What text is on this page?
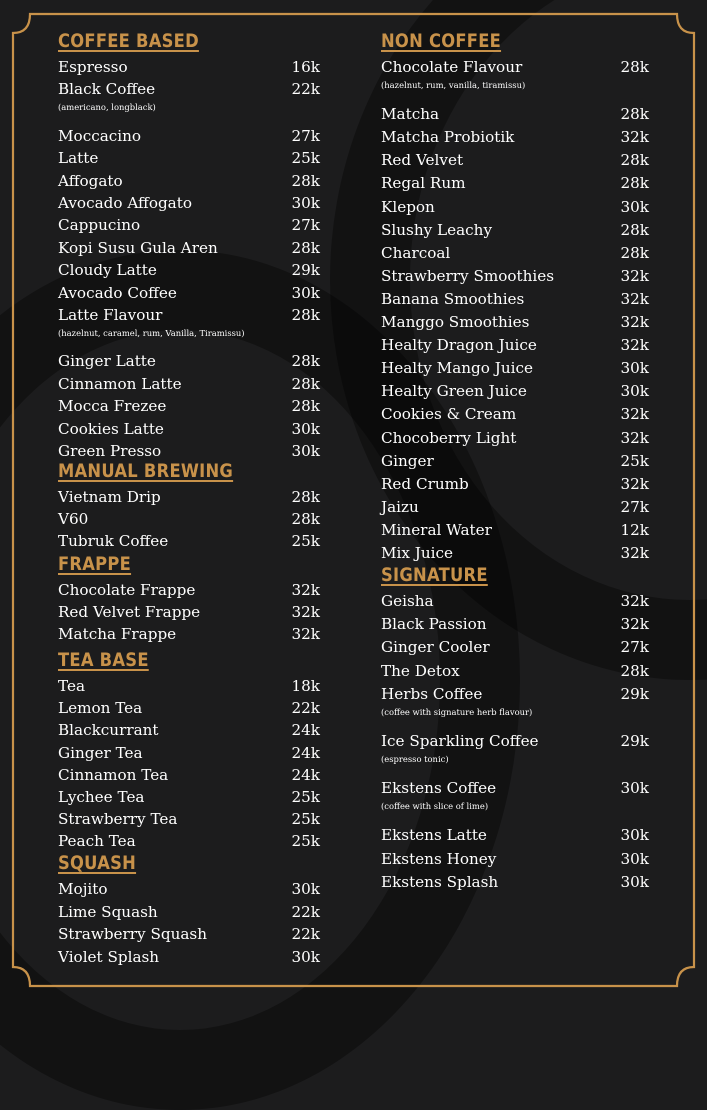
COFFEE BASED
Espresso	16k
Black Coffee	22k
(americano, longblack)
Moccacino	27k
Latte	25k
Affogato	28k
Avocado Affogato	30k
Cappucino	27k
Kopi Susu Gula Aren	28k
Cloudy Latte	29k
Avocado Coffee	30k
Latte Flavour	28k
(hazelnut, caramel, rum, Vanilla, Tiramissu)
Ginger Latte	28k
Cinnamon Latte	28k
Mocca Frezee	28k
Cookies Latte	30k
Green Presso	30k
MANUAL BREWING
Vietnam Drip	28k
V60	28k
Tubruk Coffee	25k
FRAPPE
Chocolate Frappe	32k
Red Velvet Frappe	32k
Matcha Frappe	32k
TEA BASE
Tea	18k
Lemon Tea	22k
Blackcurrant	24k
Ginger Tea	24k
Cinnamon Tea	24k
Lychee Tea	25k
Strawberry Tea	25k
Peach Tea	25k
SQUASH
Mojito	30k
Lime Squash	22k
Strawberry Squash	22k
Violet Splash	30k
NON COFFEE
Chocolate Flavour	28k
(hazelnut, rum, vanilla, tiramissu)
Matcha	28k
Matcha Probiotik	32k
Red Velvet	28k
Regal Rum	28k
Klepon	30k
Slushy Leachy	28k
Charcoal	28k
Strawberry Smoothies	32k
Banana Smoothies	32k
Manggo Smoothies	32k
Healty Dragon Juice	32k
Healty Mango Juice	30k
Healty Green Juice	30k
Cookies & Cream	32k
Chocoberry Light	32k
Ginger	25k
Red Crumb	32k
Jaizu	27k
Mineral Water	12k
Mix Juice	32k
SIGNATURE
Geisha	32k
Black Passion	32k
Ginger Cooler	27k
The Detox	28k
Herbs Coffee	29k
(coffee with signature herb flavour)
Ice Sparkling Coffee	29k
(espresso tonic)
Ekstens Coffee	30k
(coffee with slice of lime)
Ekstens Latte	30k
Ekstens Honey	30k
Ekstens Splash	30k
